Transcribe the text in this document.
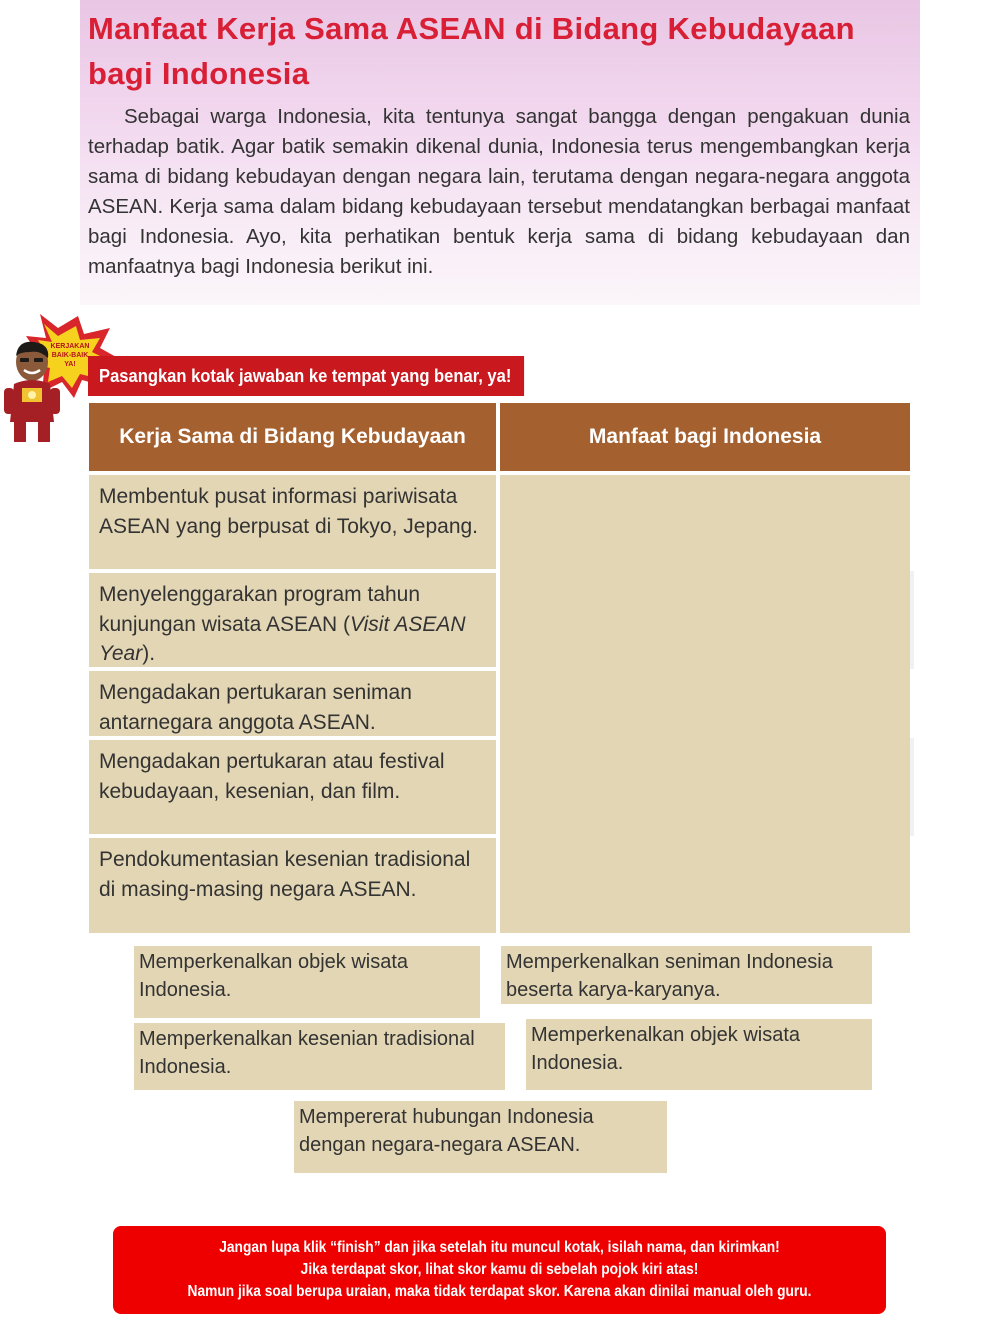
Manfaat Kerja Sama ASEAN di Bidang Kebudayaan bagi Indonesia

Sebagai warga Indonesia, kita tentunya sangat bangga dengan pengakuan dunia terhadap batik. Agar batik semakin dikenal dunia, Indonesia terus mengembangkan kerja sama di bidang kebudayan dengan negara lain, terutama dengan negara-negara anggota ASEAN. Kerja sama dalam bidang kebudayaan tersebut mendatangkan berbagai manfaat bagi Indonesia. Ayo, kita perhatikan bentuk kerja sama di bidang kebudayaan dan manfaatnya bagi Indonesia berikut ini.

KERJAKAN
BAIK-BAIK
YA!
Pasangkan kotak jawaban ke tempat yang benar, ya!
Kerja Sama di Bidang Kebudayaan	Manfaat bagi Indonesia
Membentuk pusat informasi pariwisata ASEAN yang berpusat di Tokyo, Jepang.
Menyelenggarakan program tahun kunjungan wisata ASEAN (Visit ASEAN Year).
Mengadakan pertukaran seniman antarnegara anggota ASEAN.
Mengadakan pertukaran atau festival kebudayaan, kesenian, dan film.
Pendokumentasian kesenian tradisional di masing-masing negara ASEAN.
Memperkenalkan objek wisata Indonesia.
Memperkenalkan seniman Indonesia beserta karya-karyanya.
Memperkenalkan kesenian tradisional Indonesia.
Memperkenalkan objek wisata Indonesia.
Mempererat hubungan Indonesia dengan negara-negara ASEAN.
Jangan lupa klik “finish” dan jika setelah itu muncul kotak, isilah nama, dan kirimkan!
Jika terdapat skor, lihat skor kamu di sebelah pojok kiri atas!
Namun jika soal berupa uraian, maka tidak terdapat skor. Karena akan dinilai manual oleh guru.
